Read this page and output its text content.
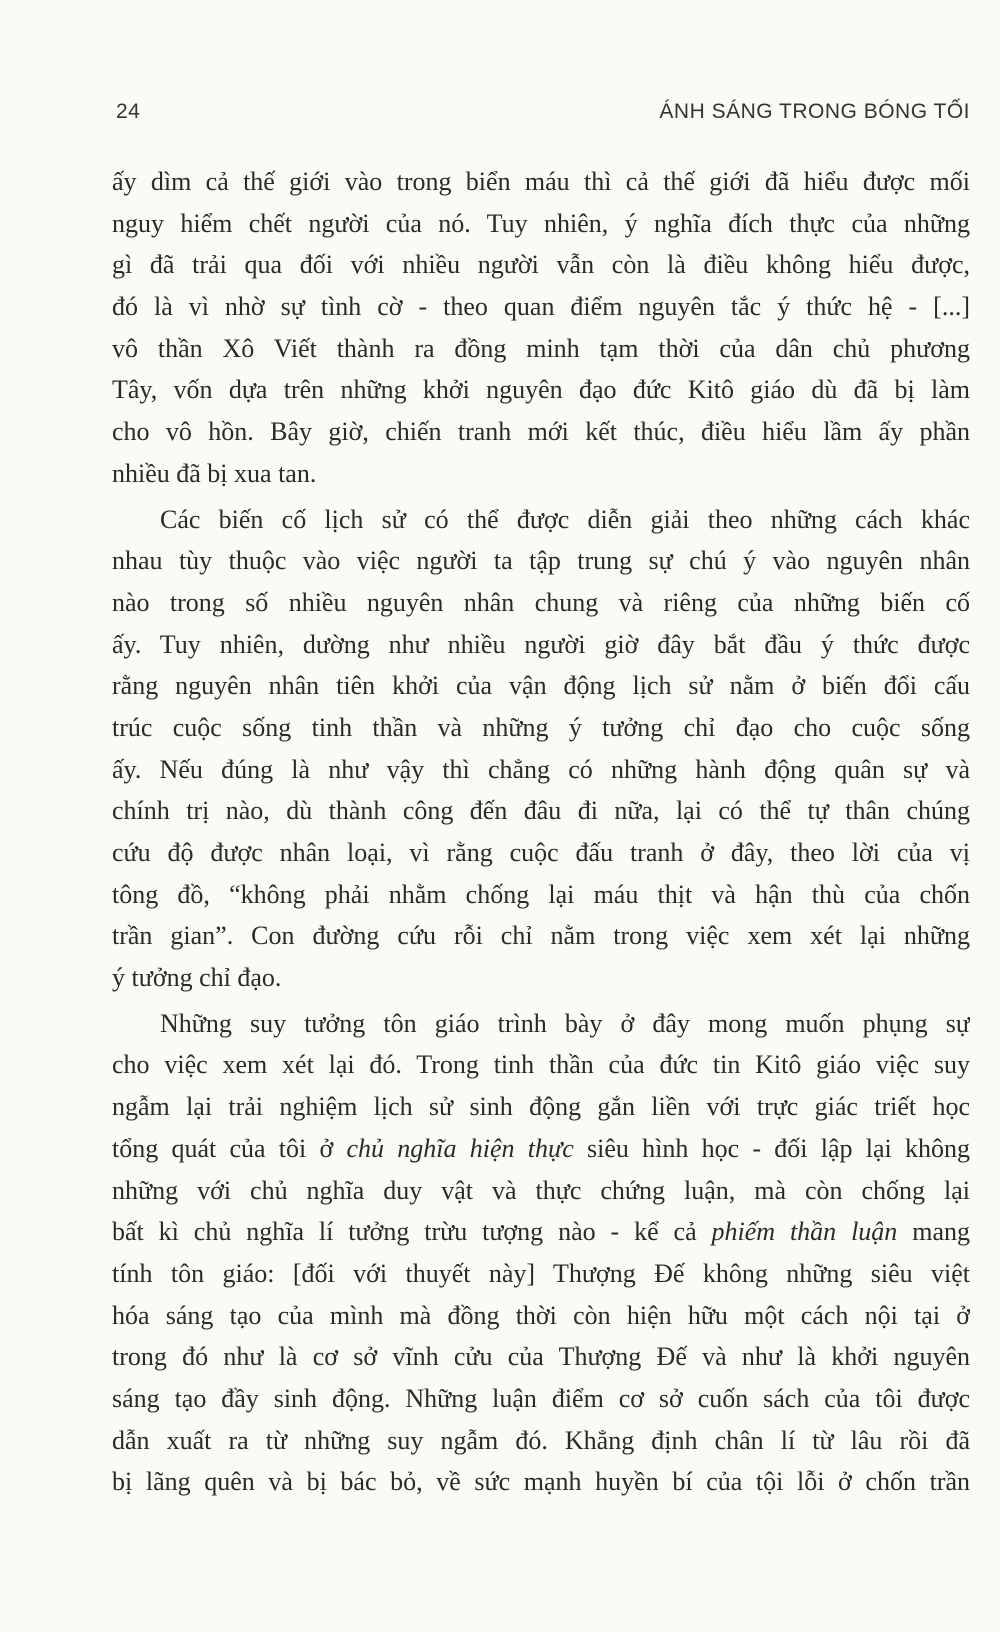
24	ÁNH SÁNG TRONG BÓNG TỐI
ấy dìm cả thế giới vào trong biển máu thì cả thế giới đã hiểu được mối
nguy hiểm chết người của nó. Tuy nhiên, ý nghĩa đích thực của những
gì đã trải qua đối với nhiều người vẫn còn là điều không hiểu được,
đó là vì nhờ sự tình cờ - theo quan điểm nguyên tắc ý thức hệ - [...]
vô thần Xô Viết thành ra đồng minh tạm thời của dân chủ phương
Tây, vốn dựa trên những khởi nguyên đạo đức Kitô giáo dù đã bị làm
cho vô hồn. Bây giờ, chiến tranh mới kết thúc, điều hiểu lầm ấy phần
nhiều đã bị xua tan.
Các biến cố lịch sử có thể được diễn giải theo những cách khác
nhau tùy thuộc vào việc người ta tập trung sự chú ý vào nguyên nhân
nào trong số nhiều nguyên nhân chung và riêng của những biến cố
ấy. Tuy nhiên, dường như nhiều người giờ đây bắt đầu ý thức được
rằng nguyên nhân tiên khởi của vận động lịch sử nằm ở biến đổi cấu
trúc cuộc sống tinh thần và những ý tưởng chỉ đạo cho cuộc sống
ấy. Nếu đúng là như vậy thì chẳng có những hành động quân sự và
chính trị nào, dù thành công đến đâu đi nữa, lại có thể tự thân chúng
cứu độ được nhân loại, vì rằng cuộc đấu tranh ở đây, theo lời của vị
tông đồ, “không phải nhằm chống lại máu thịt và hận thù của chốn
trần gian”. Con đường cứu rỗi chỉ nằm trong việc xem xét lại những
ý tưởng chỉ đạo.
Những suy tưởng tôn giáo trình bày ở đây mong muốn phụng sự
cho việc xem xét lại đó. Trong tinh thần của đức tin Kitô giáo việc suy
ngẫm lại trải nghiệm lịch sử sinh động gắn liền với trực giác triết học
tổng quát của tôi ở chủ nghĩa hiện thực siêu hình học - đối lập lại không
những với chủ nghĩa duy vật và thực chứng luận, mà còn chống lại
bất kì chủ nghĩa lí tưởng trừu tượng nào - kể cả phiếm thần luận mang
tính tôn giáo: [đối với thuyết này] Thượng Đế không những siêu việt
hóa sáng tạo của mình mà đồng thời còn hiện hữu một cách nội tại ở
trong đó như là cơ sở vĩnh cửu của Thượng Đế và như là khởi nguyên
sáng tạo đầy sinh động. Những luận điểm cơ sở cuốn sách của tôi được
dẫn xuất ra từ những suy ngẫm đó. Khẳng định chân lí từ lâu rồi đã
bị lãng quên và bị bác bỏ, về sức mạnh huyền bí của tội lỗi ở chốn trần
